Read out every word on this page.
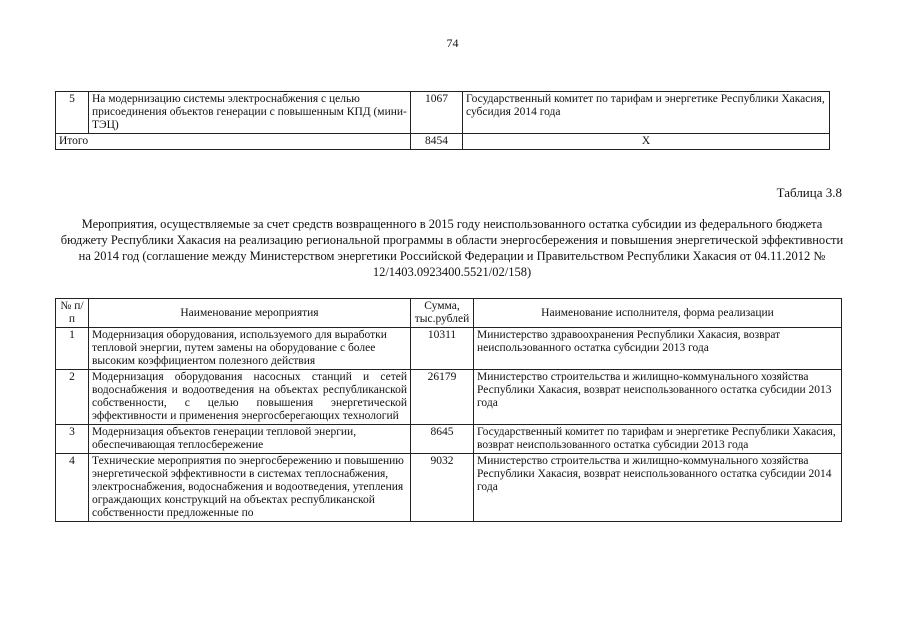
74
5	На модернизацию системы электроснабжения с целью присоединения объектов генерации с повышенным КПД (мини-ТЭЦ)	1067	Государственный комитет по тарифам и энергетике Республики Хакасия, субсидия 2014 года
Итого		8454	Х
Таблица 3.8
Мероприятия, осуществляемые за счет средств возвращенного в 2015 году неиспользованного остатка субсидии из федерального бюджета бюджету Республики Хакасия на реализацию региональной программы в области энергосбережения и повышения энергетической эффективности на 2014 год (соглашение между Министерством энергетики Российской Федерации и Правительством Республики Хакасия от 04.11.2012 № 12/1403.0923400.5521/02/158)
№ п/п	Наименование мероприятия	Сумма, тыс.рублей	Наименование исполнителя, форма реализации
1	Модернизация оборудования, используемого для выработки тепловой энергии, путем замены на оборудование с более высоким коэффициентом полезного действия	10311	Министерство здравоохранения Республики Хакасия, возврат неиспользованного остатка субсидии 2013 года
2	Модернизация оборудования насосных станций и сетей водоснабжения и водоотведения на объектах республиканской собственности, с целью повышения энергетической эффективности и применения энергосберегающих технологий	26179	Министерство строительства и жилищно-коммунального хозяйства Республики Хакасия, возврат неиспользованного остатка субсидии 2013 года
3	Модернизация объектов генерации тепловой энергии, обеспечивающая теплосбережение	8645	Государственный комитет по тарифам и энергетике Республики Хакасия, возврат неиспользованного остатка субсидии 2013 года
4	Технические мероприятия по энергосбережению и повышению энергетической эффективности в системах теплоснабжения, электроснабжения, водоснабжения и водоотведения, утепления ограждающих конструкций на объектах республиканской собственности предложенные по	9032	Министерство строительства и жилищно-коммунального хозяйства Республики Хакасия, возврат неиспользованного остатка субсидии 2014 года
